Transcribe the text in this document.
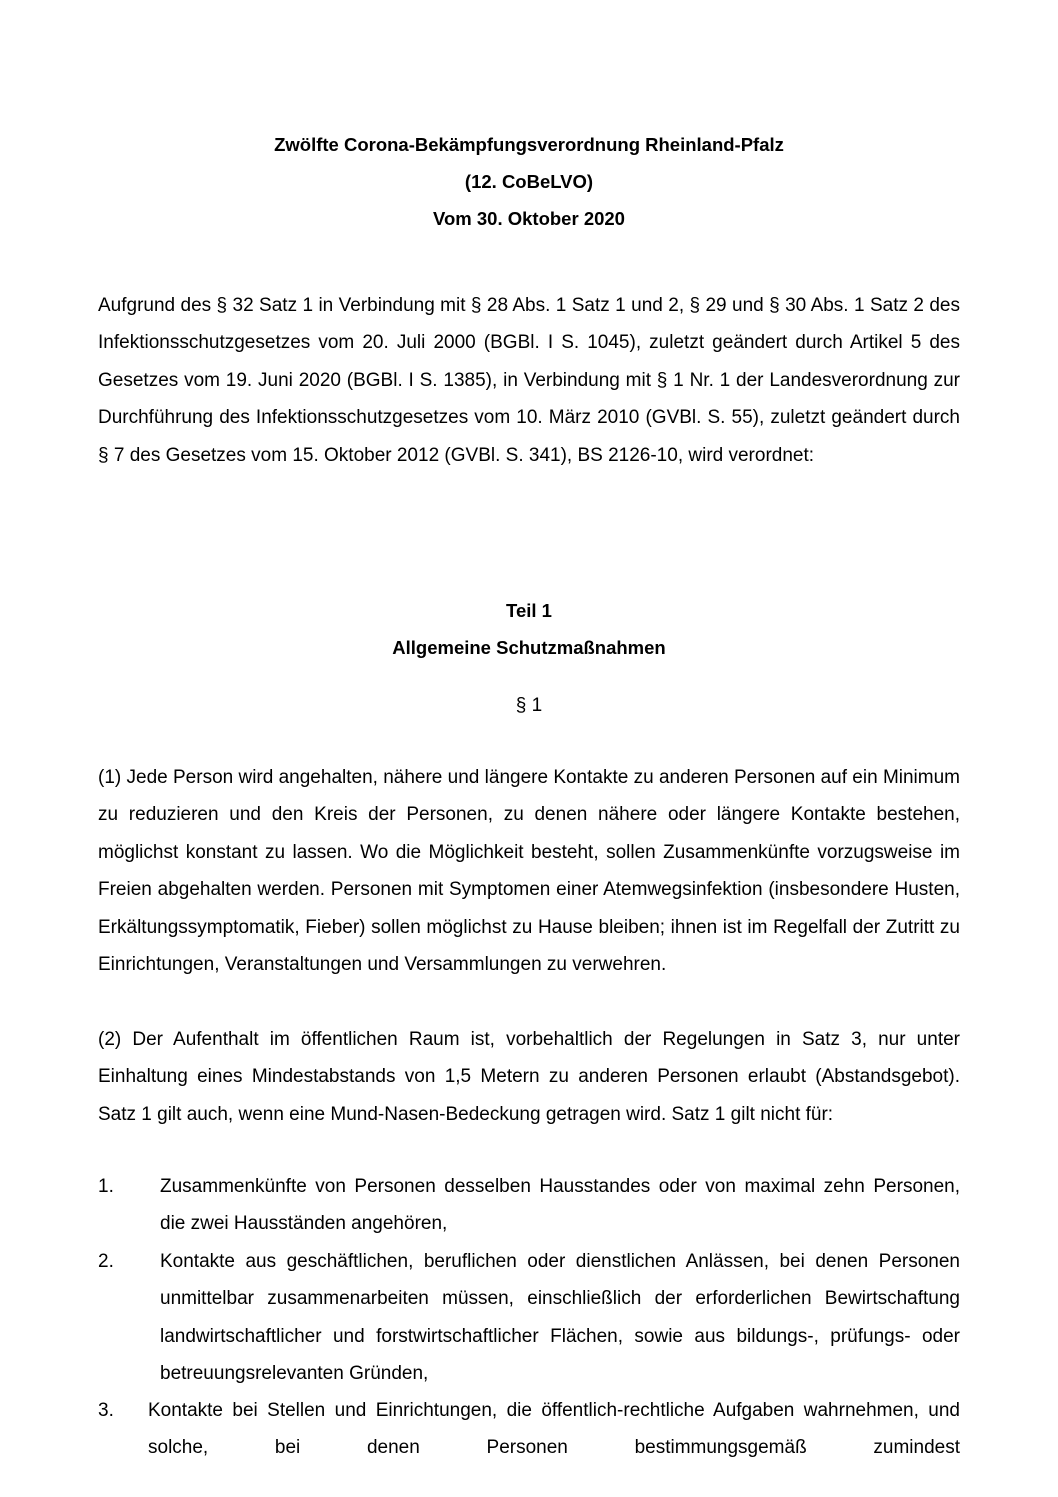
Zwölfte Corona-Bekämpfungsverordnung Rheinland-Pfalz
(12. CoBeLVO)
Vom 30. Oktober 2020
Aufgrund des § 32 Satz 1 in Verbindung mit § 28 Abs. 1 Satz 1 und 2, § 29 und § 30 Abs. 1 Satz 2 des Infektionsschutzgesetzes vom 20. Juli 2000 (BGBl. I S. 1045), zuletzt geändert durch Artikel 5 des Gesetzes vom 19. Juni 2020 (BGBl. I S. 1385), in Verbindung mit § 1 Nr. 1 der Landesverordnung zur Durchführung des Infektionsschutzgesetzes vom 10. März 2010 (GVBl. S. 55), zuletzt geändert durch § 7 des Gesetzes vom 15. Oktober 2012 (GVBl. S. 341), BS 2126-10, wird verordnet:
Teil 1
Allgemeine Schutzmaßnahmen
§ 1
(1) Jede Person wird angehalten, nähere und längere Kontakte zu anderen Personen auf ein Minimum zu reduzieren und den Kreis der Personen, zu denen nähere oder längere Kontakte bestehen, möglichst konstant zu lassen. Wo die Möglichkeit besteht, sollen Zusammenkünfte vorzugsweise im Freien abgehalten werden. Personen mit Symptomen einer Atemwegsinfektion (insbesondere Husten, Erkältungssymptomatik, Fieber) sollen möglichst zu Hause bleiben; ihnen ist im Regelfall der Zutritt zu Einrichtungen, Veranstaltungen und Versammlungen zu verwehren.
(2) Der Aufenthalt im öffentlichen Raum ist, vorbehaltlich der Regelungen in Satz 3, nur unter Einhaltung eines Mindestabstands von 1,5 Metern zu anderen Personen erlaubt (Abstandsgebot). Satz 1 gilt auch, wenn eine Mund-Nasen-Bedeckung getragen wird. Satz 1 gilt nicht für:
1. Zusammenkünfte von Personen desselben Hausstandes oder von maximal zehn Personen, die zwei Hausständen angehören,
2. Kontakte aus geschäftlichen, beruflichen oder dienstlichen Anlässen, bei denen Personen unmittelbar zusammenarbeiten müssen, einschließlich der erforderlichen Bewirtschaftung landwirtschaftlicher und forstwirtschaftlicher Flächen, sowie aus bildungs-, prüfungs- oder betreuungsrelevanten Gründen,
3. Kontakte bei Stellen und Einrichtungen, die öffentlich-rechtliche Aufgaben wahrnehmen, und solche, bei denen Personen bestimmungsgemäß zumindest
